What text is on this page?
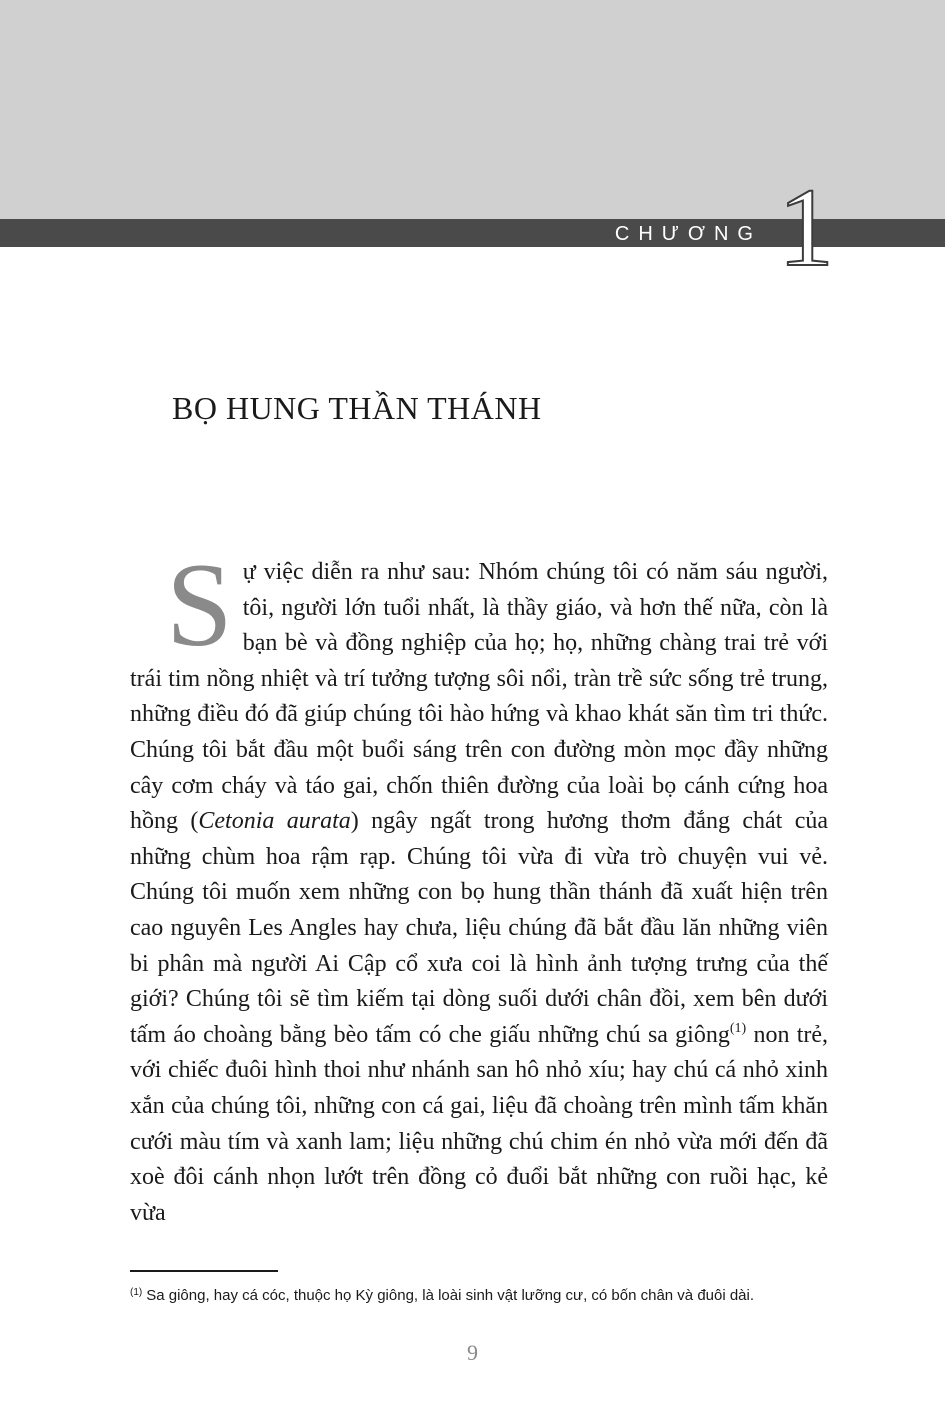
CHƯƠNG 1
BỌ HUNG THẦN THÁNH

Sự việc diễn ra như sau: Nhóm chúng tôi có năm sáu người, tôi, người lớn tuổi nhất, là thầy giáo, và hơn thế nữa, còn là bạn bè và đồng nghiệp của họ; họ, những chàng trai trẻ với trái tim nồng nhiệt và trí tưởng tượng sôi nổi, tràn trề sức sống trẻ trung, những điều đó đã giúp chúng tôi hào hứng và khao khát săn tìm tri thức. Chúng tôi bắt đầu một buổi sáng trên con đường mòn mọc đầy những cây cơm cháy và táo gai, chốn thiên đường của loài bọ cánh cứng hoa hồng (Cetonia aurata) ngây ngất trong hương thơm đắng chát của những chùm hoa rậm rạp. Chúng tôi vừa đi vừa trò chuyện vui vẻ. Chúng tôi muốn xem những con bọ hung thần thánh đã xuất hiện trên cao nguyên Les Angles hay chưa, liệu chúng đã bắt đầu lăn những viên bi phân mà người Ai Cập cổ xưa coi là hình ảnh tượng trưng của thế giới? Chúng tôi sẽ tìm kiếm tại dòng suối dưới chân đồi, xem bên dưới tấm áo choàng bằng bèo tấm có che giấu những chú sa giông$^{(1)}$ non trẻ, với chiếc đuôi hình thoi như nhánh san hô nhỏ xíu; hay chú cá nhỏ xinh xắn của chúng tôi, những con cá gai, liệu đã choàng trên mình tấm khăn cưới màu tím và xanh lam; liệu những chú chim én nhỏ vừa mới đến đã xoè đôi cánh nhọn lướt trên đồng cỏ đuổi bắt những con ruồi hạc, kẻ vừa

$^{(1)}$ Sa giông, hay cá cóc, thuộc họ Kỳ giông, là loài sinh vật lưỡng cư, có bốn chân và đuôi dài.
9
